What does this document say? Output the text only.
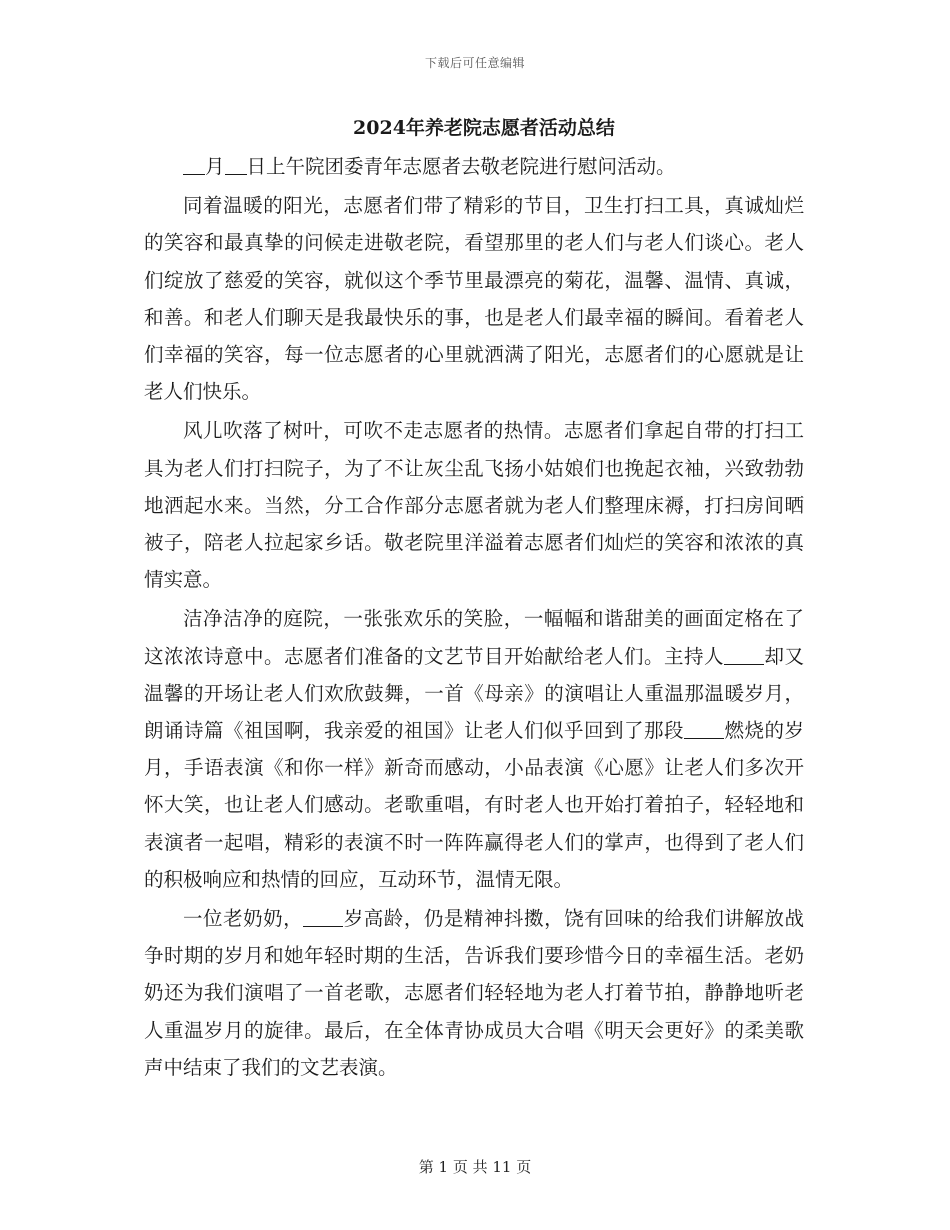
下载后可任意编辑
2024年养老院志愿者活动总结

月 日上午院团委青年志愿者去敬老院进行慰问活动。

同着温暖的阳光，志愿者们带了精彩的节目，卫生打扫工具，真诚灿烂的笑容和最真挚的问候走进敬老院，看望那里的老人们与老人们谈心。老人们绽放了慈爱的笑容，就似这个季节里最漂亮的菊花，温馨、温情、真诚，和善。和老人们聊天是我最快乐的事，也是老人们最幸福的瞬间。看着老人们幸福的笑容，每一位志愿者的心里就洒满了阳光，志愿者们的心愿就是让老人们快乐。

风儿吹落了树叶，可吹不走志愿者的热情。志愿者们拿起自带的打扫工具为老人们打扫院子，为了不让灰尘乱飞扬小姑娘们也挽起衣袖，兴致勃勃地洒起水来。当然，分工合作部分志愿者就为老人们整理床褥，打扫房间晒被子，陪老人拉起家乡话。敬老院里洋溢着志愿者们灿烂的笑容和浓浓的真情实意。

洁净洁净的庭院，一张张欢乐的笑脸，一幅幅和谐甜美的画面定格在了这浓浓诗意中。志愿者们准备的文艺节目开始献给老人们。主持人 却又温馨的开场让老人们欢欣鼓舞，一首《母亲》的演唱让人重温那温暖岁月，朗诵诗篇《祖国啊，我亲爱的祖国》让老人们似乎回到了那段 燃烧的岁月，手语表演《和你一样》新奇而感动，小品表演《心愿》让老人们多次开怀大笑，也让老人们感动。老歌重唱，有时老人也开始打着拍子，轻轻地和表演者一起唱，精彩的表演不时一阵阵赢得老人们的掌声，也得到了老人们的积极响应和热情的回应，互动环节，温情无限。

一位老奶奶， 岁高龄，仍是精神抖擞，饶有回味的给我们讲解放战争时期的岁月和她年轻时期的生活，告诉我们要珍惜今日的幸福生活。老奶奶还为我们演唱了一首老歌，志愿者们轻轻地为老人打着节拍，静静地听老人重温岁月的旋律。最后，在全体青协成员大合唱《明天会更好》的柔美歌声中结束了我们的文艺表演。

第 1 页 共 11 页
